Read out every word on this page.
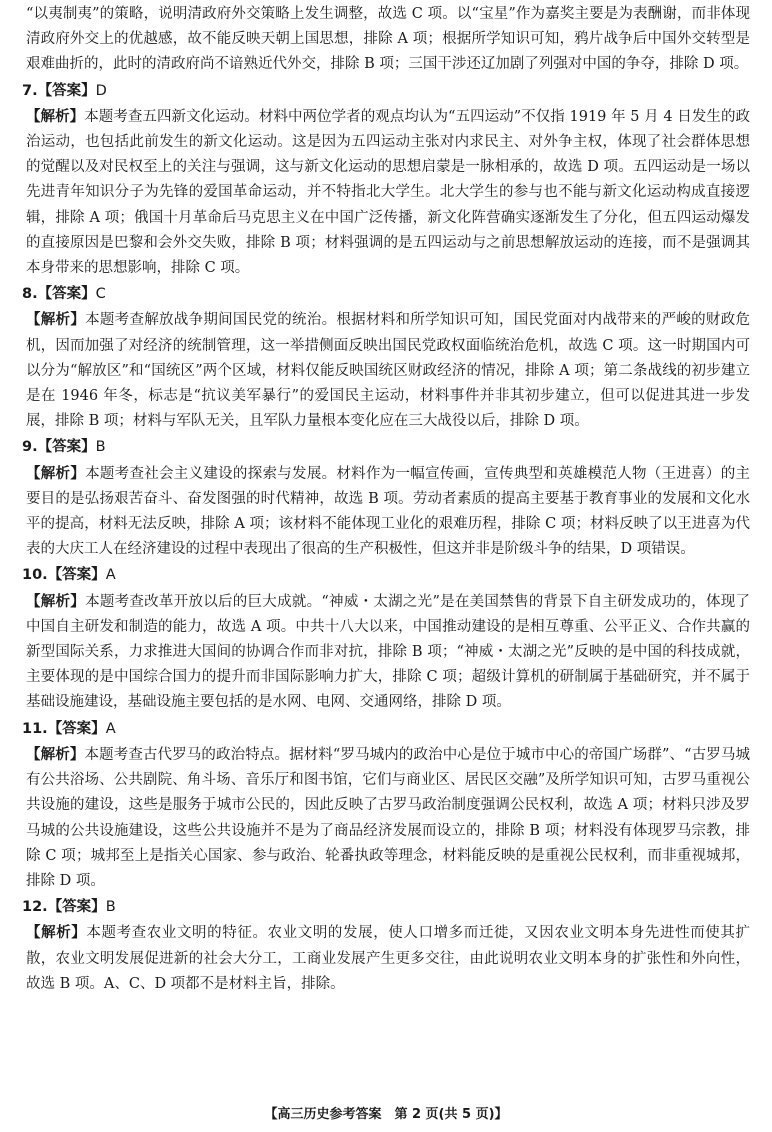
“以夷制夷”的策略，说明清政府外交策略上发生调整，故选 C 项。以“宝星”作为嘉奖主要是为表酬谢，而非体现清政府外交上的优越感，故不能反映天朝上国思想，排除 A 项；根据所学知识可知，鸦片战争后中国外交转型是艰难曲折的，此时的清政府尚不谙熟近代外交，排除 B 项；三国干涉还辽加剧了列强对中国的争夺，排除 D 项。

7.【答案】D

【解析】本题考查五四新文化运动。材料中两位学者的观点均认为“五四运动”不仅指 1919 年 5 月 4 日发生的政治运动，也包括此前发生的新文化运动。这是因为五四运动主张对内求民主、对外争主权，体现了社会群体思想的觉醒以及对民权至上的关注与强调，这与新文化运动的思想启蒙是一脉相承的，故选 D 项。五四运动是一场以先进青年知识分子为先锋的爱国革命运动，并不特指北大学生。北大学生的参与也不能与新文化运动构成直接逻辑，排除 A 项；俄国十月革命后马克思主义在中国广泛传播，新文化阵营确实逐渐发生了分化，但五四运动爆发的直接原因是巴黎和会外交失败，排除 B 项；材料强调的是五四运动与之前思想解放运动的连接，而不是强调其本身带来的思想影响，排除 C 项。

8.【答案】C

【解析】本题考查解放战争期间国民党的统治。根据材料和所学知识可知，国民党面对内战带来的严峻的财政危机，因而加强了对经济的统制管理，这一举措侧面反映出国民党政权面临统治危机，故选 C 项。这一时期国内可以分为“解放区”和“国统区”两个区域，材料仅能反映国统区财政经济的情况，排除 A 项；第二条战线的初步建立是在 1946 年冬，标志是“抗议美军暴行”的爱国民主运动，材料事件并非其初步建立，但可以促进其进一步发展，排除 B 项；材料与军队无关，且军队力量根本变化应在三大战役以后，排除 D 项。

9.【答案】B

【解析】本题考查社会主义建设的探索与发展。材料作为一幅宣传画，宣传典型和英雄模范人物（王进喜）的主要目的是弘扬艰苦奋斗、奋发图强的时代精神，故选 B 项。劳动者素质的提高主要基于教育事业的发展和文化水平的提高，材料无法反映，排除 A 项；该材料不能体现工业化的艰难历程，排除 C 项；材料反映了以王进喜为代表的大庆工人在经济建设的过程中表现出了很高的生产积极性，但这并非是阶级斗争的结果，D 项错误。

10.【答案】A

【解析】本题考查改革开放以后的巨大成就。“神威・太湖之光”是在美国禁售的背景下自主研发成功的，体现了中国自主研发和制造的能力，故选 A 项。中共十八大以来，中国推动建设的是相互尊重、公平正义、合作共赢的新型国际关系，力求推进大国间的协调合作而非对抗，排除 B 项；“神威・太湖之光”反映的是中国的科技成就，主要体现的是中国综合国力的提升而非国际影响力扩大，排除 C 项；超级计算机的研制属于基础研究，并不属于基础设施建设，基础设施主要包括的是水网、电网、交通网络，排除 D 项。

11.【答案】A

【解析】本题考查古代罗马的政治特点。据材料“罗马城内的政治中心是位于城市中心的帝国广场群”、“古罗马城有公共浴场、公共剧院、角斗场、音乐厅和图书馆，它们与商业区、居民区交融”及所学知识可知，古罗马重视公共设施的建设，这些是服务于城市公民的，因此反映了古罗马政治制度强调公民权利，故选 A 项；材料只涉及罗马城的公共设施建设，这些公共设施并不是为了商品经济发展而设立的，排除 B 项；材料没有体现罗马宗教，排除 C 项；城邦至上是指关心国家、参与政治、轮番执政等理念，材料能反映的是重视公民权利，而非重视城邦，排除 D 项。

12.【答案】B

【解析】本题考查农业文明的特征。农业文明的发展，使人口增多而迁徙，又因农业文明本身先进性而使其扩散，农业文明发展促进新的社会大分工，工商业发展产生更多交往，由此说明农业文明本身的扩张性和外向性，故选 B 项。A、C、D 项都不是材料主旨，排除。

【高三历史参考答案　第 2 页(共 5 页)】
